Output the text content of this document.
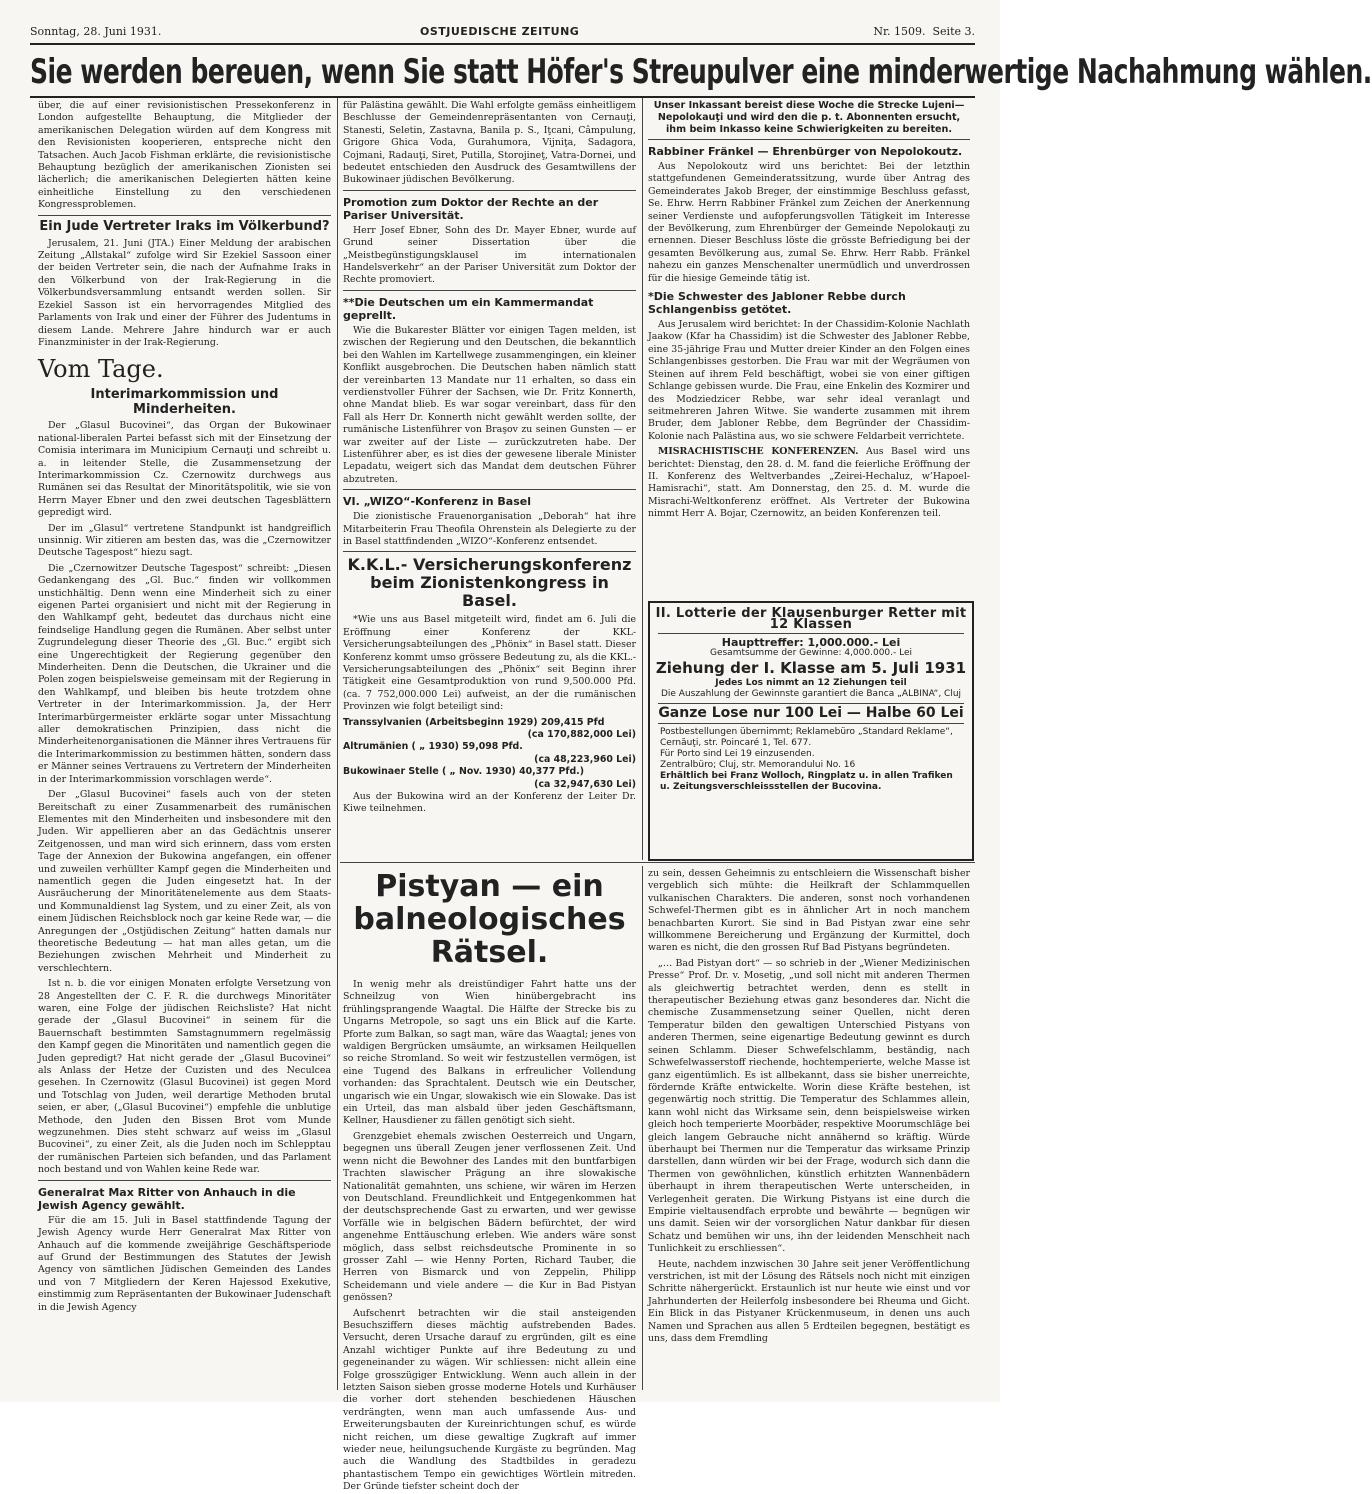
Sonntag, 28. Juni 1931.	OSTJUEDISCHE ZEITUNG	Nr. 1509. Seite 3.
Sie werden bereuen, wenn Sie statt Höfer's Streupulver eine minderwertige Nachahmung wählen.

über, die auf einer revisionistischen Pressekonferenz in London aufgestellte Behauptung, die Mitglieder der amerikanischen Delegation würden auf dem Kongress mit den Revisionisten kooperieren, entspreche nicht den Tatsachen. Auch Jacob Fishman erklärte, die revisionistische Behauptung bezüglich der amerikanischen Zionisten sei lächerlich; die amerikanischen Delegierten hätten keine einheitliche Einstellung zu den verschiedenen Kongressproblemen.

Ein Jude Vertreter Iraks im Völkerbund?

Jerusalem, 21. Juni (JTA.) Einer Meldung der arabischen Zeitung „Allstakal“ zufolge wird Sir Ezekiel Sassoon einer der beiden Vertreter sein, die nach der Aufnahme Iraks in den Völkerbund von der Irak-Regierung in die Völkerbundsversammlung entsandt werden sollen. Sir Ezekiel Sasson ist ein hervorragendes Mitglied des Parlaments von Irak und einer der Führer des Judentums in diesem Lande. Mehrere Jahre hindurch war er auch Finanzminister in der Irak-Regierung.

Vom Tage.
Interimarkommission und Minderheiten.

Der „Glasul Bucovinei“, das Organ der Bukowinaer national-liberalen Partei befasst sich mit der Einsetzung der Comisia interimara im Municipium Cernauţi und schreibt u. a. in leitender Stelle, die Zusammensetzung der Interimarkommission Cz. Czernowitz durchwegs aus Rumänen sei das Resultat der Minoritätspolitik, wie sie von Herrn Mayer Ebner und den zwei deutschen Tagesblättern gepredigt wird.

Der im „Glasul“ vertretene Standpunkt ist handgreiflich unsinnig. Wir zitieren am besten das, was die „Czernowitzer Deutsche Tagespost“ hiezu sagt.

Die „Czernowitzer Deutsche Tagespost“ schreibt: „Diesen Gedankengang des „Gl. Buc.“ finden wir vollkommen unstichhältig. Denn wenn eine Minderheit sich zu einer eigenen Partei organisiert und nicht mit der Regierung in den Wahlkampf geht, bedeutet das durchaus nicht eine feindselige Handlung gegen die Rumänen. Aber selbst unter Zugrundelegung dieser Theorie des „Gl. Buc.“ ergibt sich eine Ungerechtigkeit der Regierung gegenüber den Minderheiten. Denn die Deutschen, die Ukrainer und die Polen zogen beispielsweise gemeinsam mit der Regierung in den Wahlkampf, und bleiben bis heute trotzdem ohne Vertreter in der Interimarkommission. Ja, der Herr Interimarbürgermeister erklärte sogar unter Missachtung aller demokratischen Prinzipien, dass nicht die Minderheitenorganisationen die Männer ihres Vertrauens für die Interimarkommission zu bestimmen hätten, sondern dass er Männer seines Vertrauens zu Vertretern der Minderheiten in der Interimarkommission vorschlagen werde“.

Der „Glasul Bucovinei“ fasels auch von der steten Bereitschaft zu einer Zusammenarbeit des rumänischen Elementes mit den Minderheiten und insbesondere mit den Juden. Wir appellieren aber an das Gedächtnis unserer Zeitgenossen, und man wird sich erinnern, dass vom ersten Tage der Annexion der Bukowina angefangen, ein offener und zuweilen verhüllter Kampf gegen die Minderheiten und namentlich gegen die Juden eingesetzt hat. In der Ausräucherung der Minoritätenelemente aus dem Staats- und Kommunaldienst lag System, und zu einer Zeit, als von einem Jüdischen Reichsblock noch gar keine Rede war, — die Anregungen der „Ostjüdischen Zeitung“ hatten damals nur theoretische Bedeutung — hat man alles getan, um die Beziehungen zwischen Mehrheit und Minderheit zu verschlechtern.

Ist n. b. die vor einigen Monaten erfolgte Versetzung von 28 Angestellten der C. F. R. die durchwegs Minoritäter waren, eine Folge der jüdischen Reichsliste? Hat nicht gerade der „Glasul Bucovinei“ in seinem für die Bauernschaft bestimmten Samstagnummern regelmässig den Kampf gegen die Minoritäten und namentlich gegen die Juden gepredigt? Hat nicht gerade der „Glasul Bucovinei“ als Anlass der Hetze der Cuzisten und des Neculcea gesehen. In Czernowitz (Glasul Bucovinei) ist gegen Mord und Totschlag von Juden, weil derartige Methoden brutal seien, er aber, („Glasul Bucovinei“) empfehle die unblutige Methode, den Juden den Bissen Brot vom Munde wegzunehmen. Dies steht schwarz auf weiss im „Glasul Bucovinei“, zu einer Zeit, als die Juden noch im Schlepptau der rumänischen Parteien sich befanden, und das Parlament noch bestand und von Wahlen keine Rede war.

Generalrat Max Ritter von Anhauch in die Jewish Agency gewählt.

Für die am 15. Juli in Basel stattfindende Tagung der Jewish Agency wurde Herr Generalrat Max Ritter von Anhauch auf die kommende zweijährige Geschäftsperiode auf Grund der Bestimmungen des Statutes der Jewish Agency von sämtlichen Jüdischen Gemeinden des Landes und von 7 Mitgliedern der Keren Hajessod Exekutive, einstimmig zum Repräsentanten der Bukowinaer Judenschaft in die Jewish Agency

für Palästina gewählt. Die Wahl erfolgte gemäss einheitligem Beschlusse der Gemeindenrepräsentanten von Cernauţi, Stanesti, Seletin, Zastavna, Banila p. S., Iţcani, Câmpulung, Grigore Ghica Voda, Gurahumora, Vijniţa, Sadagora, Cojmani, Radauţi, Siret, Putilla, Storojineţ, Vatra-Dornei, und bedeutet entschieden den Ausdruck des Gesamtwillens der Bukowinaer jüdischen Bevölkerung.

Promotion zum Doktor der Rechte an der Pariser Universität.

Herr Josef Ebner, Sohn des Dr. Mayer Ebner, wurde auf Grund seiner Dissertation über die „Meistbegünstigungsklausel im internationalen Handelsverkehr“ an der Pariser Universität zum Doktor der Rechte promoviert.

**Die Deutschen um ein Kammermandat geprellt.

Wie die Bukarester Blätter vor einigen Tagen melden, ist zwischen der Regierung und den Deutschen, die bekanntlich bei den Wahlen im Kartellwege zusammengingen, ein kleiner Konflikt ausgebrochen. Die Deutschen haben nämlich statt der vereinbarten 13 Mandate nur 11 erhalten, so dass ein verdienstvoller Führer der Sachsen, wie Dr. Fritz Konnerth, ohne Mandat blieb. Es war sogar vereinbart, dass für den Fall als Herr Dr. Konnerth nicht gewählt werden sollte, der rumänische Listenführer von Braşov zu seinen Gunsten — er war zweiter auf der Liste — zurückzutreten habe. Der Listenführer aber, es ist dies der gewesene liberale Minister Lepadatu, weigert sich das Mandat dem deutschen Führer abzutreten.

VI. „WIZO“-Konferenz in Basel

Die zionistische Frauenorganisation „Deborah“ hat ihre Mitarbeiterin Frau Theofila Ohrenstein als Delegierte zu der in Basel stattfindenden „WIZO“-Konferenz entsendet.

K.K.L.- Versicherungskonferenz beim Zionistenkongress in Basel.

*Wie uns aus Basel mitgeteilt wird, findet am 6. Juli die Eröffnung einer Konferenz der KKL-Versicherungsabteilungen des „Phönix“ in Basel statt. Dieser Konferenz kommt umso grössere Bedeutung zu, als die KKL.-Versicherungsabteilungen des „Phönix“ seit Beginn ihrer Tätigkeit eine Gesamtproduktion von rund 9,500.000 Pfd. (ca. 7 752,000.000 Lei) aufweist, an der die rumänischen Provinzen wie folgt beteiligt sind:

Transsylvanien (Arbeitsbeginn 1929) 209,415 Pfd
(ca 170,882,000 Lei)
Altrumänien ( „ 1930) 59,098 Pfd.
(ca 48,223,960 Lei)
Bukowinaer Stelle ( „ Nov. 1930) 40,377 Pfd.)
(ca 32,947,630 Lei)

Aus der Bukowina wird an der Konferenz der Leiter Dr. Kiwe teilnehmen.

Unser Inkassant bereist diese Woche die Strecke Lujeni—Nepolokauţi und wird den die p. t. Abonnenten ersucht, ihm beim Inkasso keine Schwierigkeiten zu bereiten.
Rabbiner Fränkel — Ehrenbürger von Nepolokoutz.

Aus Nepolokoutz wird uns berichtet: Bei der letzthin stattgefundenen Gemeinderatssitzung, wurde über Antrag des Gemeinderates Jakob Breger, der einstimmige Beschluss gefasst, Se. Ehrw. Herrn Rabbiner Fränkel zum Zeichen der Anerkennung seiner Verdienste und aufopferungsvollen Tätigkeit im Interesse der Bevölkerung, zum Ehrenbürger der Gemeinde Nepolokauţi zu ernennen. Dieser Beschluss löste die grösste Befriedigung bei der gesamten Bevölkerung aus, zumal Se. Ehrw. Herr Rabb. Fränkel nahezu ein ganzes Menschenalter unermüdlich und unverdrossen für die hiesige Gemeinde tätig ist.

*Die Schwester des Jabloner Rebbe durch Schlangenbiss getötet.

Aus Jerusalem wird berichtet: In der Chassidim-Kolonie Nachlath Jaakow (Kfar ha Chassidim) ist die Schwester des Jabloner Rebbe, eine 35-jährige Frau und Mutter dreier Kinder an den Folgen eines Schlangenbisses gestorben. Die Frau war mit der Wegräumen von Steinen auf ihrem Feld beschäftigt, wobei sie von einer giftigen Schlange gebissen wurde. Die Frau, eine Enkelin des Kozmirer und des Modziedzicer Rebbe, war sehr ideal veranlagt und seitmehreren Jahren Witwe. Sie wanderte zusammen mit ihrem Bruder, dem Jabloner Rebbe, dem Begründer der Chassidim-Kolonie nach Palästina aus, wo sie schwere Feldarbeit verrichtete.

MISRACHISTISCHE KONFERENZEN. Aus Basel wird uns berichtet: Dienstag, den 28. d. M. fand die feierliche Eröffnung der II. Konferenz des Weltverbandes „Zeirei-Hechaluz, w’Hapoel-Hamisrachi“, statt. Am Donnerstag, den 25. d. M. wurde die Misrachi-Weltkonferenz eröffnet. Als Vertreter der Bukowina nimmt Herr A. Bojar, Czernowitz, an beiden Konferenzen teil.

II. Lotterie der Klausenburger Retter mit 12 Klassen
Haupttreffer: 1,000.000.- Lei
Gesamtsumme der Gewinne: 4,000.000.- Lei
Ziehung der I. Klasse am 5. Juli 1931
Jedes Los nimmt an 12 Ziehungen teil
Die Auszahlung der Gewinnste garantiert die Banca „ALBINA“, Cluj
Ganze Lose nur 100 Lei — Halbe 60 Lei
Postbestellungen übernimmt; Reklamebüro „Standard Reklame“, Cernăuţi, str. Poincaré 1, Tel. 677.
Für Porto sind Lei 19 einzusenden.
Zentralbüro; Cluj, str. Memorandului No. 16
Erhältlich bei Franz Wolloch, Ringplatz u. in allen Trafiken u. Zeitungsverschleissstellen der Bucovina.
Pistyan — ein balneologisches Rätsel.

In wenig mehr als dreistündiger Fahrt hatte uns der Schneilzug von Wien hinübergebracht ins frühlingsprangende Waagtal. Die Hälfte der Strecke bis zu Ungarns Metropole, so sagt uns ein Blick auf die Karte. Pforte zum Balkan, so sagt man, wäre das Waagtal; jenes von waldigen Bergrücken umsäumte, an wirksamen Heilquellen so reiche Stromland. So weit wir festzustellen vermögen, ist eine Tugend des Balkans in erfreulicher Vollendung vorhanden: das Sprachtalent. Deutsch wie ein Deutscher, ungarisch wie ein Ungar, slowakisch wie ein Slowake. Das ist ein Urteil, das man alsbald über jeden Geschäftsmann, Kellner, Hausdiener zu fällen genötigt sich sieht.

Grenzgebiet ehemals zwischen Oesterreich und Ungarn, begegnen uns überall Zeugen jener verflossenen Zeit. Und wenn nicht die Bewohner des Landes mit den buntfarbigen Trachten slawischer Prägung an ihre slowakische Nationalität gemahnten, uns schiene, wir wären im Herzen von Deutschland. Freundlichkeit und Entgegenkommen hat der deutschsprechende Gast zu erwarten, und wer gewisse Vorfälle wie in belgischen Bädern befürchtet, der wird angenehme Enttäuschung erleben. Wie anders wäre sonst möglich, dass selbst reichsdeutsche Prominente in so grosser Zahl — wie Henny Porten, Richard Tauber, die Herren von Bismarck und von Zeppelin, Philipp Scheidemann und viele andere — die Kur in Bad Pistyan genössen?

Aufschenrt betrachten wir die stail ansteigenden Besuchsziffern dieses mächtig aufstrebenden Bades. Versucht, deren Ursache darauf zu ergründen, gilt es eine Anzahl wichtiger Punkte auf ihre Bedeutung zu und gegeneinander zu wägen. Wir schliessen: nicht allein eine Folge grosszügiger Entwicklung. Wenn auch allein in der letzten Saison sieben grosse moderne Hotels und Kurhäuser die vorher dort stehenden beschiedenen Häuschen verdrängten, wenn man auch umfassende Aus- und Erweiterungsbauten der Kureinrichtungen schuf, es würde nicht reichen, um diese gewaltige Zugkraft auf immer wieder neue, heilungsuchende Kurgäste zu begründen. Mag auch die Wandlung des Stadtbildes in geradezu phantastischem Tempo ein gewichtiges Wörtlein mitreden. Der Gründe tiefster scheint doch der

zu sein, dessen Geheimnis zu entschleiern die Wissenschaft bisher vergeblich sich mühte: die Heilkraft der Schlammquellen vulkanischen Charakters. Die anderen, sonst noch vorhandenen Schwefel-Thermen gibt es in ähnlicher Art in noch manchem benachbarten Kurort. Sie sind in Bad Pistyan zwar eine sehr willkommene Bereicherung und Ergänzung der Kurmittel, doch waren es nicht, die den grossen Ruf Bad Pistyans begründeten.

„… Bad Pistyan dort“ — so schrieb in der „Wiener Medizinischen Presse“ Prof. Dr. v. Mosetig, „und soll nicht mit anderen Thermen als gleichwertig betrachtet werden, denn es stellt in therapeutischer Beziehung etwas ganz besonderes dar. Nicht die chemische Zusammensetzung seiner Quellen, nicht deren Temperatur bilden den gewaltigen Unterschied Pistyans von anderen Thermen, seine eigenartige Bedeutung gewinnt es durch seinen Schlamm. Dieser Schwefelschlamm, beständig, nach Schwefelwasserstoff riechende, hochtemperierte, welche Masse ist ganz eigentümlich. Es ist allbekannt, dass sie bisher unerreichte, fördernde Kräfte entwickelte. Worin diese Kräfte bestehen, ist gegenwärtig noch strittig. Die Temperatur des Schlammes allein, kann wohl nicht das Wirksame sein, denn beispielsweise wirken gleich hoch temperierte Moorbäder, respektive Moorumschläge bei gleich langem Gebrauche nicht annähernd so kräftig. Würde überhaupt bei Thermen nur die Temperatur das wirksame Prinzip darstellen, dann würden wir bei der Frage, wodurch sich dann die Thermen von gewöhnlichen, künstlich erhitzten Wannenbädern überhaupt in ihrem therapeutischen Werte unterscheiden, in Verlegenheit geraten. Die Wirkung Pistyans ist eine durch die Empirie vieltausendfach erprobte und bewährte — begnügen wir uns damit. Seien wir der vorsorglichen Natur dankbar für diesen Schatz und bemühen wir uns, ihn der leidenden Menschheit nach Tunlichkeit zu erschliessen“.

Heute, nachdem inzwischen 30 Jahre seit jener Veröffentlichung verstrichen, ist mit der Lösung des Rätsels noch nicht mit einzigen Schritte nähergerückt. Erstaunlich ist nur heute wie einst und vor Jahrhunderten der Heilerfolg insbesondere bei Rheuma und Gicht. Ein Blick in das Pistyaner Krückenmuseum, in denen uns auch Namen und Sprachen aus allen 5 Erdteilen begegnen, bestätigt es uns, dass dem Fremdling
